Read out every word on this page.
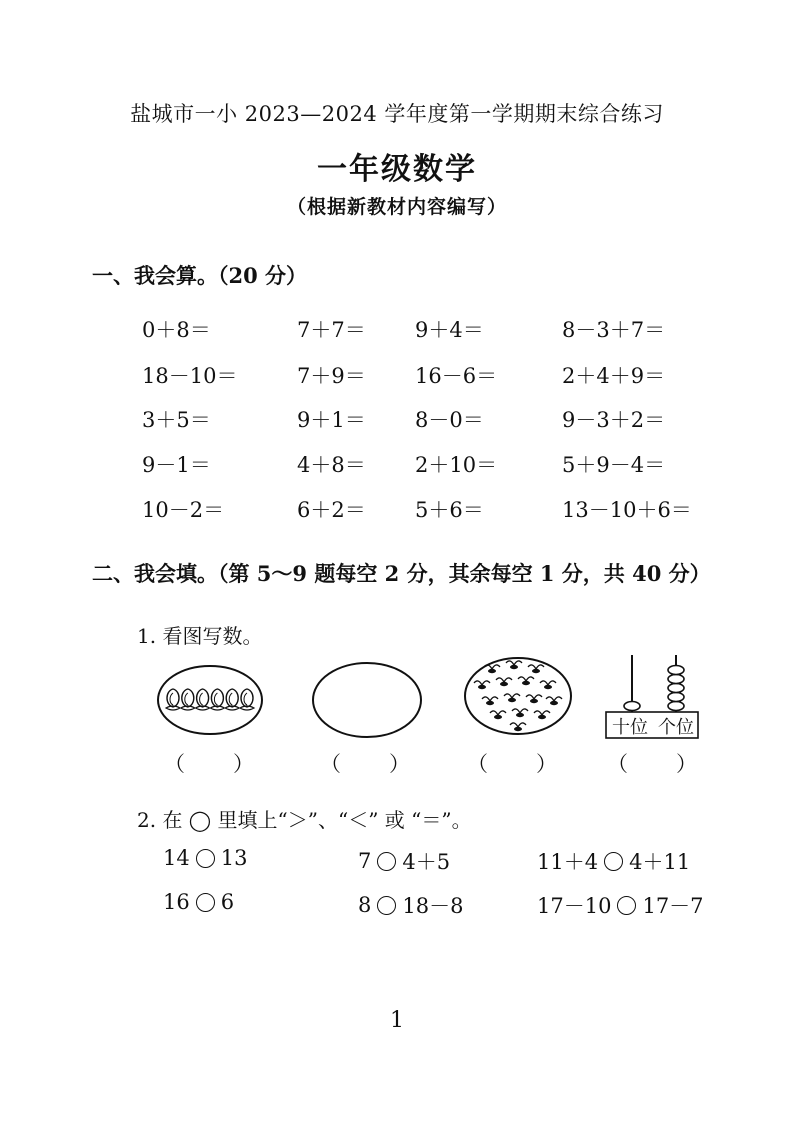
盐城市一小 2023—2024 学年度第一学期期末综合练习
一年级数学
（根据新教材内容编写）
一、我会算。（20 分）
0＋8＝	7＋7＝ 9＋4＝	8－3＋7＝
18－10＝	7＋9＝ 16－6＝	2＋4＋9＝
3＋5＝	9＋1＝ 8－0＝	9－3＋2＝
9－1＝	4＋8＝ 2＋10＝	5＋9－4＝
10－2＝	6＋2＝ 5＋6＝	13－10＋6＝
二、我会填。（第 5～9 题每空 2 分，其余每空 1 分，共 40 分）
1. 看图写数。
十位 个位
（　　）	（　　）	（　　） （　　）
2. 在 ◯ 里填上“＞”、“＜” 或 “＝”。
14 13	7 4＋5	11＋4 4＋11
16 6	8 18－8	17－10 17－7
1
